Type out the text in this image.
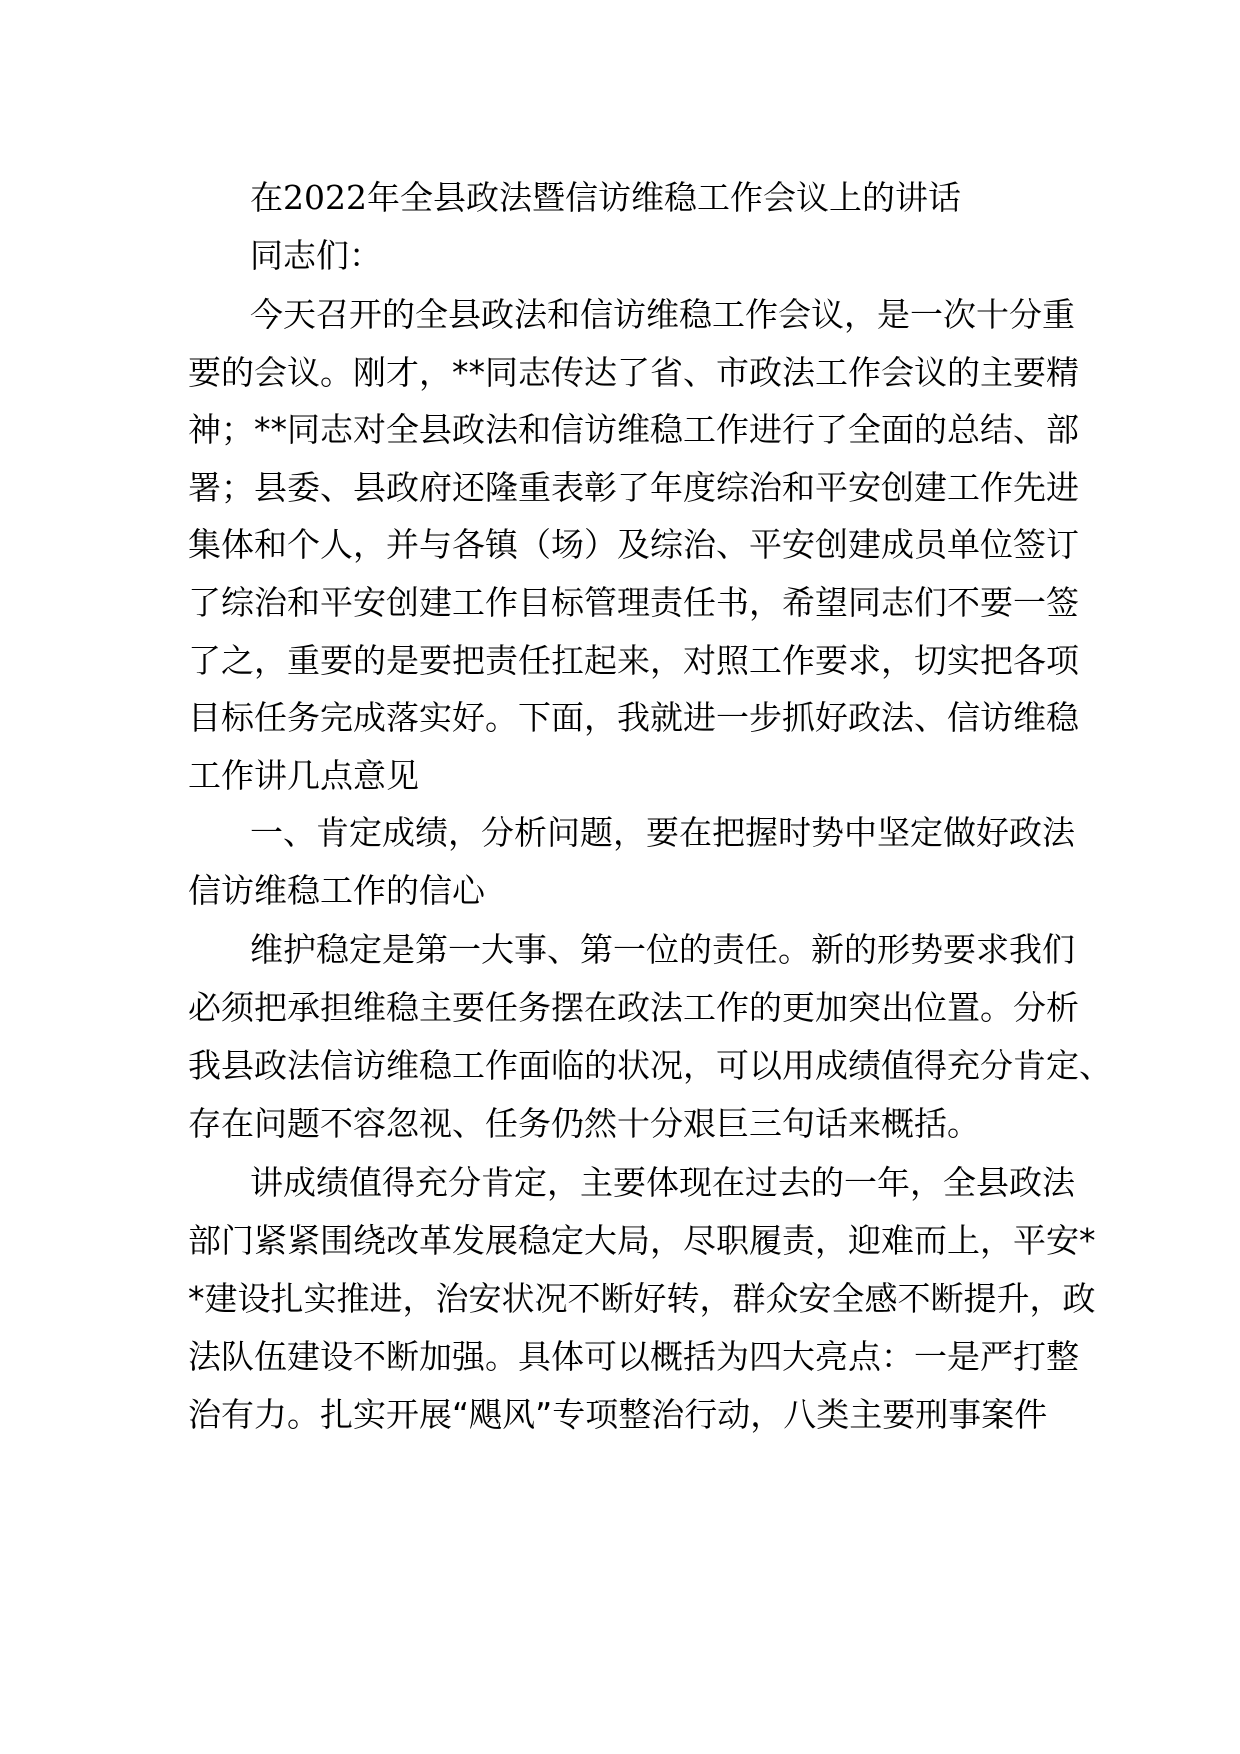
在2022年全县政法暨信访维稳工作会议上的讲话

同志们：

今天召开的全县政法和信访维稳工作会议，是一次十分重

要的会议。刚才，**同志传达了省、市政法工作会议的主要精

神；**同志对全县政法和信访维稳工作进行了全面的总结、部

署；县委、县政府还隆重表彰了年度综治和平安创建工作先进

集体和个人，并与各镇（场）及综治、平安创建成员单位签订

了综治和平安创建工作目标管理责任书，希望同志们不要一签

了之，重要的是要把责任扛起来，对照工作要求，切实把各项

目标任务完成落实好。下面，我就进一步抓好政法、信访维稳

工作讲几点意见

一、肯定成绩，分析问题，要在把握时势中坚定做好政法

信访维稳工作的信心

维护稳定是第一大事、第一位的责任。新的形势要求我们

必须把承担维稳主要任务摆在政法工作的更加突出位置。分析

我县政法信访维稳工作面临的状况，可以用成绩值得充分肯定、

存在问题不容忽视、任务仍然十分艰巨三句话来概括。

讲成绩值得充分肯定，主要体现在过去的一年，全县政法

部门紧紧围绕改革发展稳定大局，尽职履责，迎难而上，平安*

*建设扎实推进，治安状况不断好转，群众安全感不断提升，政

法队伍建设不断加强。具体可以概括为四大亮点：一是严打整

治有力。扎实开展“飓风”专项整治行动，八类主要刑事案件
